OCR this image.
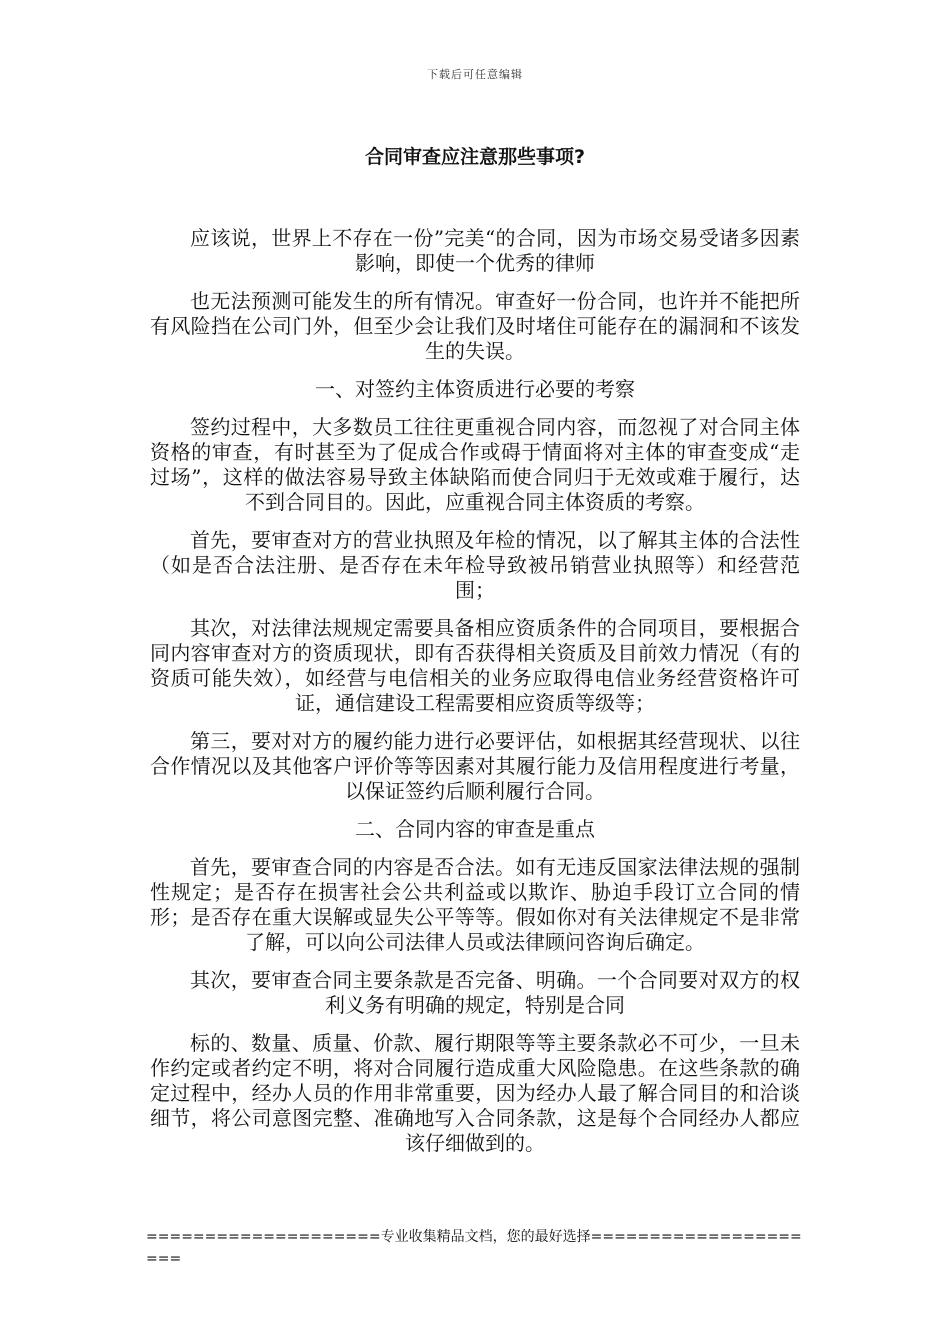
下载后可任意编辑
合同审查应注意那些事项?

应该说，世界上不存在一份”完美“的合同，因为市场交易受诸多因素影响，即使一个优秀的律师

也无法预测可能发生的所有情况。审查好一份合同，也许并不能把所有风险挡在公司门外，但至少会让我们及时堵住可能存在的漏洞和不该发生的失误。

一、对签约主体资质进行必要的考察

签约过程中，大多数员工往往更重视合同内容，而忽视了对合同主体资格的审查，有时甚至为了促成合作或碍于情面将对主体的审查变成“走过场”，这样的做法容易导致主体缺陷而使合同归于无效或难于履行，达不到合同目的。因此，应重视合同主体资质的考察。

首先，要审查对方的营业执照及年检的情况，以了解其主体的合法性（如是否合法注册、是否存在未年检导致被吊销营业执照等）和经营范围；

其次，对法律法规规定需要具备相应资质条件的合同项目，要根据合同内容审查对方的资质现状，即有否获得相关资质及目前效力情况（有的资质可能失效），如经营与电信相关的业务应取得电信业务经营资格许可证，通信建设工程需要相应资质等级等；

第三，要对对方的履约能力进行必要评估，如根据其经营现状、以往合作情况以及其他客户评价等等因素对其履行能力及信用程度进行考量，以保证签约后顺利履行合同。

二、合同内容的审查是重点

首先，要审查合同的内容是否合法。如有无违反国家法律法规的强制性规定；是否存在损害社会公共利益或以欺诈、胁迫手段订立合同的情形；是否存在重大误解或显失公平等等。假如你对有关法律规定不是非常了解，可以向公司法律人员或法律顾问咨询后确定。

其次，要审查合同主要条款是否完备、明确。一个合同要对双方的权利义务有明确的规定，特别是合同

标的、数量、质量、价款、履行期限等等主要条款必不可少，一旦未作约定或者约定不明，将对合同履行造成重大风险隐患。在这些条款的确定过程中，经办人员的作用非常重要，因为经办人最了解合同目的和洽谈细节，将公司意图完整、准确地写入合同条款，这是每个合同经办人都应该仔细做到的。

====================专业收集精品文档，您的最好选择=====================
